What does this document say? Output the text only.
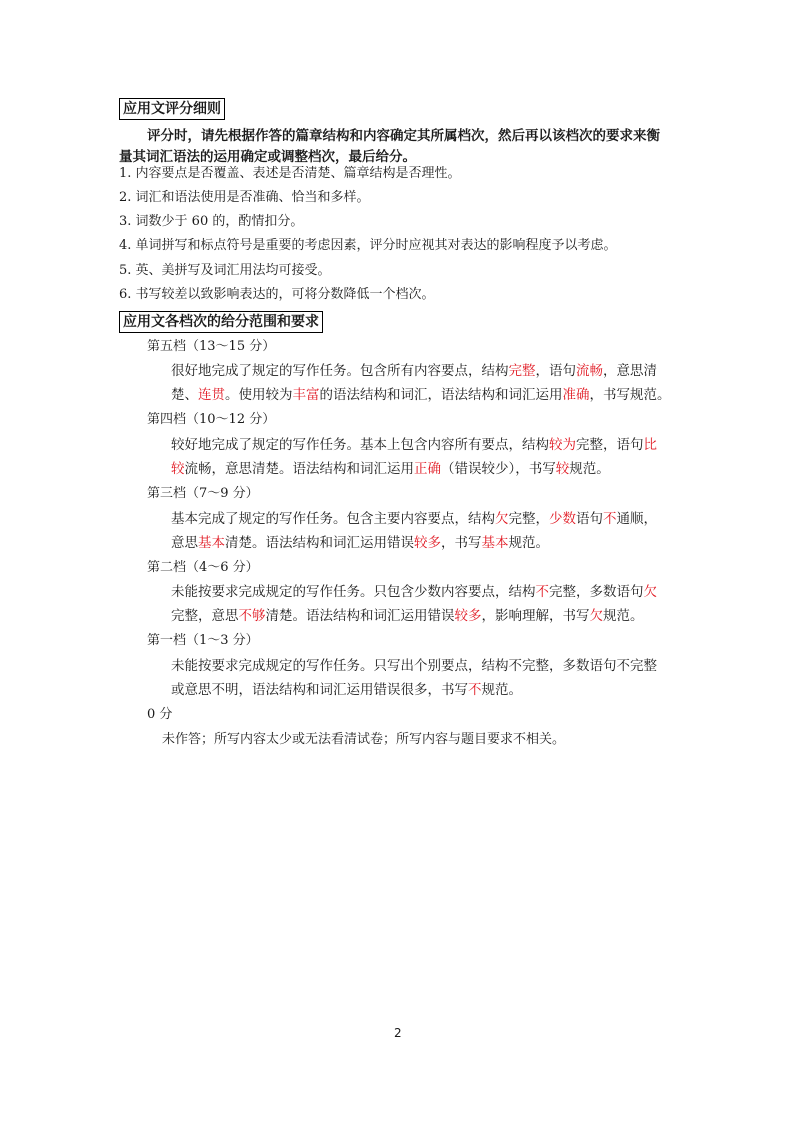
应用文评分细则
评分时，请先根据作答的篇章结构和内容确定其所属档次，然后再以该档次的要求来衡
量其词汇语法的运用确定或调整档次，最后给分。
1. 内容要点是否覆盖、表述是否清楚、篇章结构是否理性。
2. 词汇和语法使用是否准确、恰当和多样。
3. 词数少于 60 的，酌情扣分。
4. 单词拼写和标点符号是重要的考虑因素，评分时应视其对表达的影响程度予以考虑。
5. 英、美拼写及词汇用法均可接受。
6. 书写较差以致影响表达的，可将分数降低一个档次。
应用文各档次的给分范围和要求
第五档（13～15 分）
很好地完成了规定的写作任务。包含所有内容要点，结构完整，语句流畅，意思清
楚、连贯。使用较为丰富的语法结构和词汇，语法结构和词汇运用准确，书写规范。
第四档（10～12 分）
较好地完成了规定的写作任务。基本上包含内容所有要点，结构较为完整，语句比
较流畅，意思清楚。语法结构和词汇运用正确（错误较少），书写较规范。
第三档（7～9 分）
基本完成了规定的写作任务。包含主要内容要点，结构欠完整，少数语句不通顺，
意思基本清楚。语法结构和词汇运用错误较多，书写基本规范。
第二档（4～6 分）
未能按要求完成规定的写作任务。只包含少数内容要点，结构不完整，多数语句欠
完整，意思不够清楚。语法结构和词汇运用错误较多，影响理解，书写欠规范。
第一档（1～3 分）
未能按要求完成规定的写作任务。只写出个别要点，结构不完整，多数语句不完整
或意思不明，语法结构和词汇运用错误很多，书写不规范。
0 分
未作答；所写内容太少或无法看清试卷；所写内容与题目要求不相关。
2
